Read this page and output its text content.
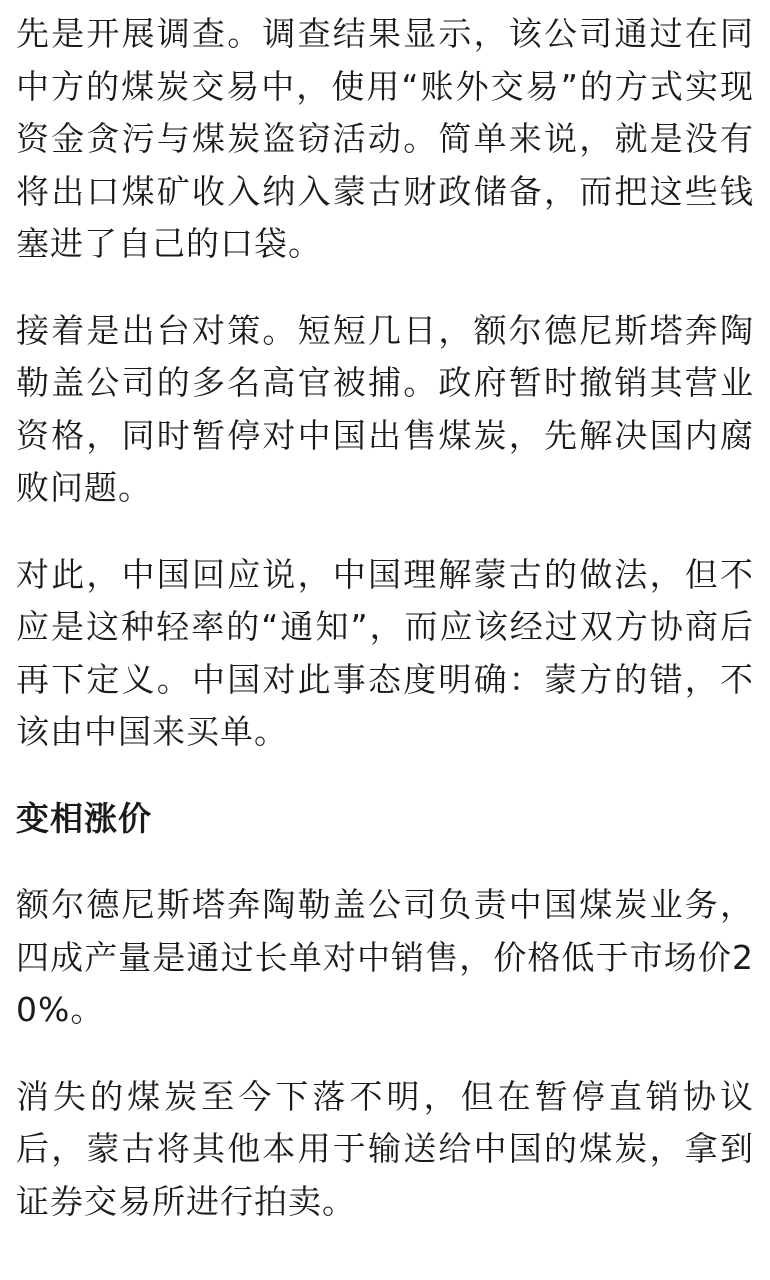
先是开展调查。调查结果显示，该公司通过在同中方的煤炭交易中，使用“账外交易”的方式实现资金贪污与煤炭盗窃活动。简单来说，就是没有将出口煤矿收入纳入蒙古财政储备，而把这些钱塞进了自己的口袋。

接着是出台对策。短短几日，额尔德尼斯塔奔陶勒盖公司的多名高官被捕。政府暂时撤销其营业资格，同时暂停对中国出售煤炭，先解决国内腐败问题。

对此，中国回应说，中国理解蒙古的做法，但不应是这种轻率的“通知”，而应该经过双方协商后再下定义。中国对此事态度明确：蒙方的错，不该由中国来买单。

变相涨价

额尔德尼斯塔奔陶勒盖公司负责中国煤炭业务，四成产量是通过长单对中销售，价格低于市场价20%。

消失的煤炭至今下落不明，但在暂停直销协议后，蒙古将其他本用于输送给中国的煤炭，拿到证券交易所进行拍卖。
